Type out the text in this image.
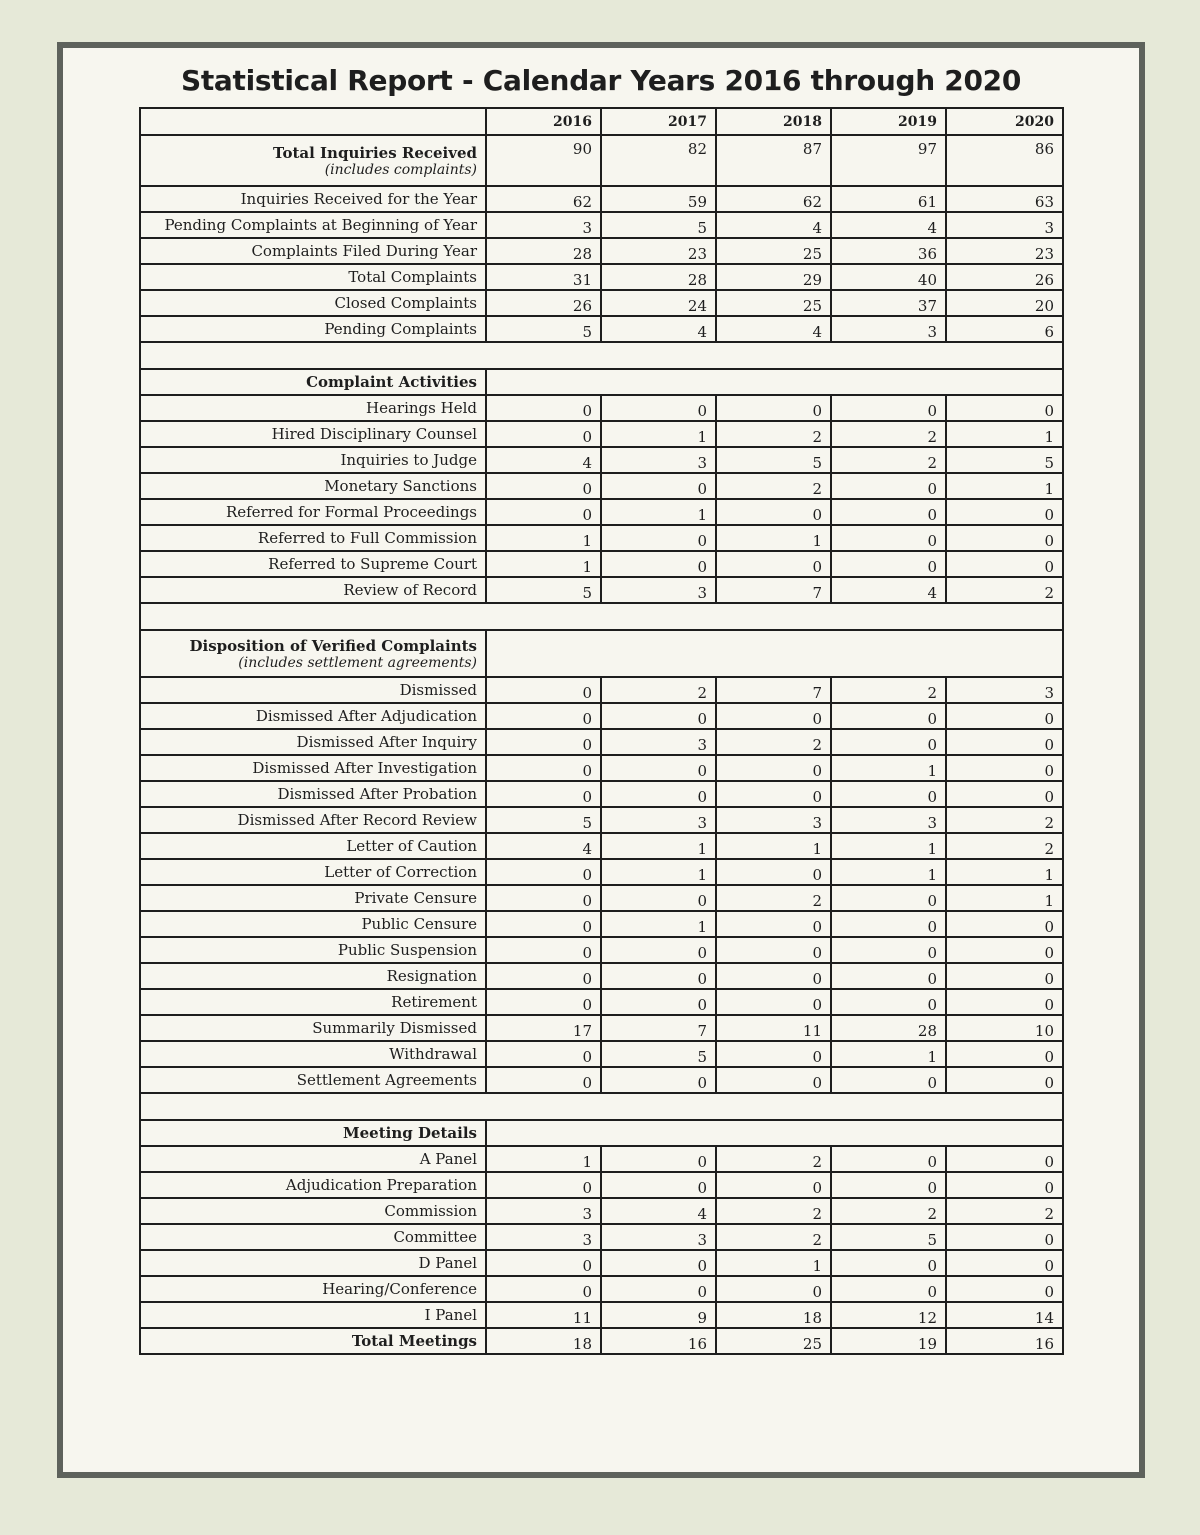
Statistical Report - Calendar Years 2016 through 2020
	2016	2017	2018	2019	2020
Total Inquiries Received
(includes complaints)	90	82	87	97	86
Inquiries Received for the Year	62	59	62	61	63
Pending Complaints at Beginning of Year	3	5	4	4	3
Complaints Filed During Year	28	23	25	36	23
Total Complaints	31	28	29	40	26
Closed Complaints	26	24	25	37	20
Pending Complaints	5	4	4	3	6

Complaint Activities					
Hearings Held	0	0	0	0	0
Hired Disciplinary Counsel	0	1	2	2	1
Inquiries to Judge	4	3	5	2	5
Monetary Sanctions	0	0	2	0	1
Referred for Formal Proceedings	0	1	0	0	0
Referred to Full Commission	1	0	1	0	0
Referred to Supreme Court	1	0	0	0	0
Review of Record	5	3	7	4	2

Disposition of Verified Complaints
(includes settlement agreements)					

Dismissed	0	2	7	2	3
Dismissed After Adjudication	0	0	0	0	0
Dismissed After Inquiry	0	3	2	0	0
Dismissed After Investigation	0	0	0	1	0
Dismissed After Probation	0	0	0	0	0
Dismissed After Record Review	5	3	3	3	2
Letter of Caution	4	1	1	1	2
Letter of Correction	0	1	0	1	1
Private Censure	0	0	2	0	1
Public Censure	0	1	0	0	0
Public Suspension	0	0	0	0	0
Resignation	0	0	0	0	0
Retirement	0	0	0	0	0
Summarily Dismissed	17	7	11	28	10
Withdrawal	0	5	0	1	0
Settlement Agreements	0	0	0	0	0

Meeting Details					
A Panel	1	0	2	0	0
Adjudication Preparation	0	0	0	0	0
Commission	3	4	2	2	2
Committee	3	3	2	5	0
D Panel	0	0	1	0	0
Hearing/Conference	0	0	0	0	0
I Panel	11	9	18	12	14
Total Meetings	18	16	25	19	16
